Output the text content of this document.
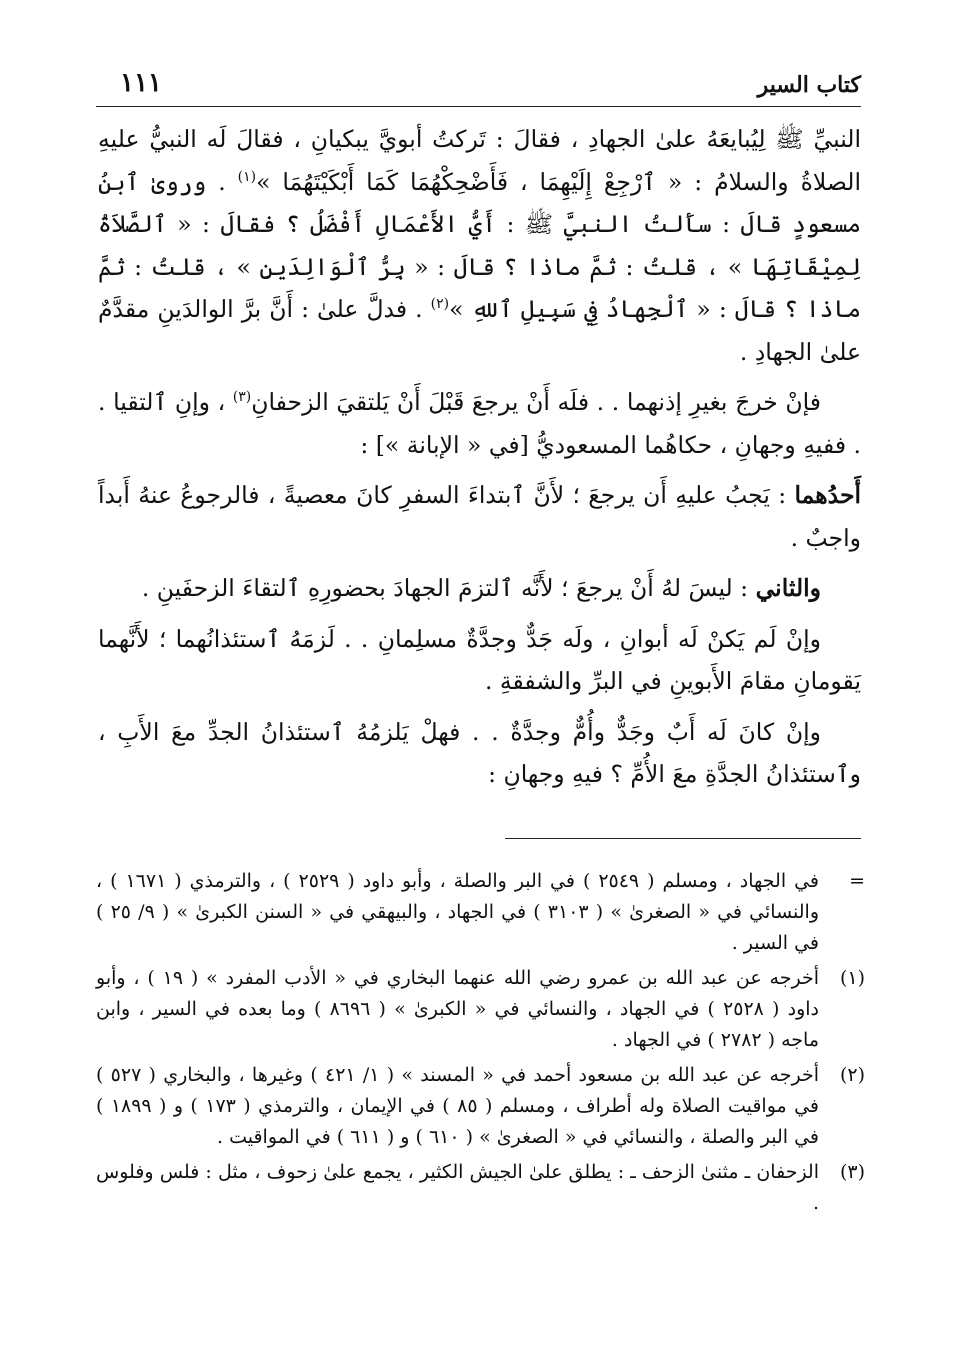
كتاب السير
١١١

النبيِّ ﷺ لِيُبايعَهُ علىٰ الجهادِ ، فقالَ : تَركتُ أبويَّ يبكيانِ ، فقالَ لَه النبيُّ عليهِ الصلاةُ والسلامُ : « ٱرْجِعْ إِلَيْهِمَا ، فَأَضْحِكْهُمَا كَمَا أَبْكَيْتَهُمَا »$^{(١)}$ . وروىٰ ٱبنُ مسعودٍ قالَ : سأَلتُ النبيَّ ﷺ : أَيُّ الأَعْمَالِ أَفْضَلُ ؟ فقالَ : « ٱلصَّلاَةُ لِمِيْقَاتِهَا » ، قلتُ : ثمَّ ماذا ؟ قالَ : « بِرُّ ٱلْوَالِدَينِ » ، قلتُ : ثمَّ ماذا ؟ قالَ : « ٱلْجِهادُ فِي سَبِيلِ ٱللهِ »$^{(٢)}$ . فدلَّ علىٰ : أَنَّ برَّ الوالدَينِ مقدَّمٌ علىٰ الجهادِ .

فإنْ خرجَ بغيرِ إذنهما . . فلَه أَنْ يرجعَ قَبْلَ أَنْ يَلتقيَ الزحفانِ$^{(٣)}$ ، وإنِ ٱلتقيا . . ففيهِ وجهانِ ، حكاهُما المسعوديُّ [في « الإبانة »] :

أَحدُهما : يَجبُ عليهِ أَن يرجعَ ؛ لأَنَّ ٱبتداءَ السفرِ كانَ معصيةً ، فالرجوعُ عنهُ أَبداً واجبٌ .

والثاني : ليسَ لهُ أَنْ يرجعَ ؛ لأَنَّه ٱلتزمَ الجهادَ بحضورِهِ ٱلتقاءَ الزحفَينِ .

وإنْ لَم يَكنْ لَه أبوانِ ، ولَه جَدٌّ وجدَّةٌ مسلِمانِ . . لَزمَهُ ٱستئذانُهما ؛ لأَنَّهما يَقومانِ مقامَ الأَبوينِ في البرِّ والشفقةِ .

وإنْ كانَ لَه أَبٌ وجَدٌّ وأُمٌّ وجدَّةٌ . . فهلْ يَلزمُهُ ٱستئذانُ الجدِّ معَ الأَبِ ، وٱستئذانُ الجدَّةِ معَ الأُمِّ ؟ فيهِ وجهانِ :

=
في الجهاد ، ومسلم ( ٢٥٤٩ ) في البر والصلة ، وأبو داود ( ٢٥٢٩ ) ، والترمذي ( ١٦٧١ ) ، والنسائي في « الصغرىٰ » ( ٣١٠٣ ) في الجهاد ، والبيهقي في « السنن الكبرىٰ » ( ٩/ ٢٥ ) في السير .
(١)
أخرجه عن عبد الله بن عمرو رضي الله عنهما البخاري في « الأدب المفرد » ( ١٩ ) ، وأبو داود ( ٢٥٢٨ ) في الجهاد ، والنسائي في « الكبرىٰ » ( ٨٦٩٦ ) وما بعده في السير ، وابن ماجه ( ٢٧٨٢ ) في الجهاد .
(٢)
أخرجه عن عبد الله بن مسعود أحمد في « المسند » ( ١/ ٤٢١ ) وغيرها ، والبخاري ( ٥٢٧ ) في مواقيت الصلاة وله أطراف ، ومسلم ( ٨٥ ) في الإيمان ، والترمذي ( ١٧٣ ) و ( ١٨٩٩ ) في البر والصلة ، والنسائي في « الصغرىٰ » ( ٦١٠ ) و ( ٦١١ ) في المواقيت .
(٣)
الزحفان ـ مثنىٰ الزحف ـ : يطلق علىٰ الجيش الكثير ، يجمع علىٰ زحوف ، مثل : فلس وفلوس .
